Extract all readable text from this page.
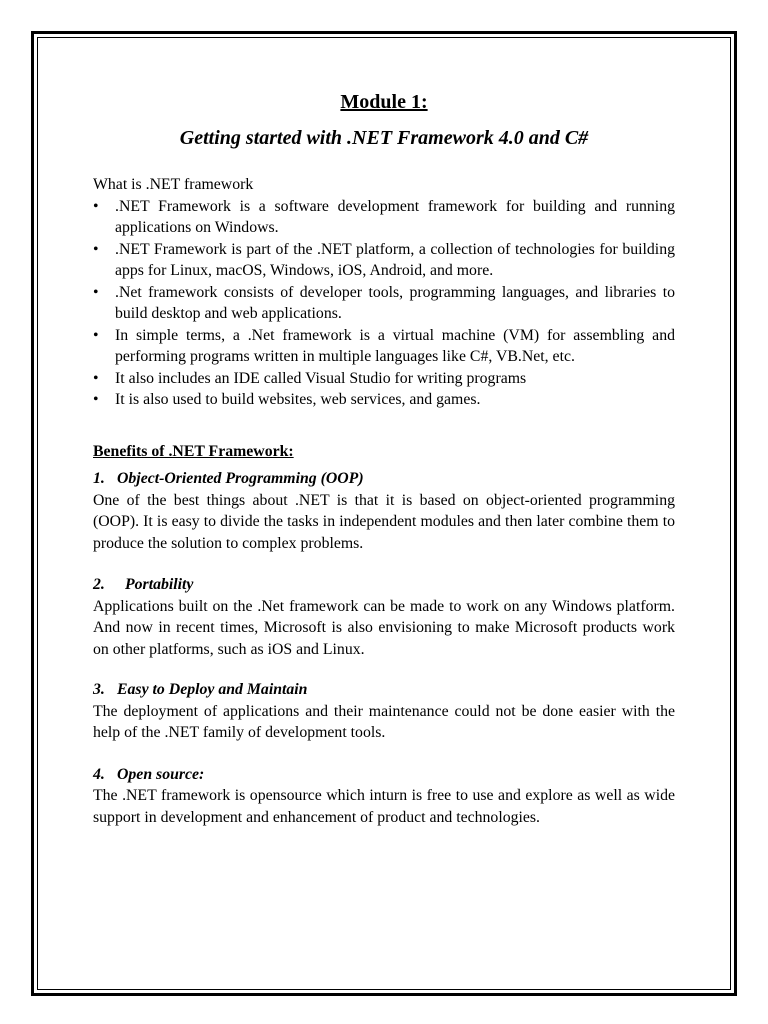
Module 1:
Getting started with .NET Framework 4.0 and C#

What is .NET framework

•	.NET Framework is a software development framework for building and running applications on Windows.
•	.NET Framework is part of the .NET platform, a collection of technologies for building apps for Linux, macOS, Windows, iOS, Android, and more.
•	.Net framework consists of developer tools, programming languages, and libraries to build desktop and web applications.
•	In simple terms, a .Net framework is a virtual machine (VM) for assembling and performing programs written in multiple languages like C#, VB.Net, etc.
•	It also includes an IDE called Visual Studio for writing programs
•	It is also used to build websites, web services, and games.

Benefits of .NET Framework:

1. Object-Oriented Programming (OOP)

One of the best things about .NET is that it is based on object-oriented programming (OOP). It is easy to divide the tasks in independent modules and then later combine them to produce the solution to complex problems.

2. Portability

Applications built on the .Net framework can be made to work on any Windows platform. And now in recent times, Microsoft is also envisioning to make Microsoft products work on other platforms, such as iOS and Linux.

3. Easy to Deploy and Maintain

The deployment of applications and their maintenance could not be done easier with the help of the .NET family of development tools.

4. Open source:

The .NET framework is opensource which inturn is free to use and explore as well as wide support in development and enhancement of product and technologies.
